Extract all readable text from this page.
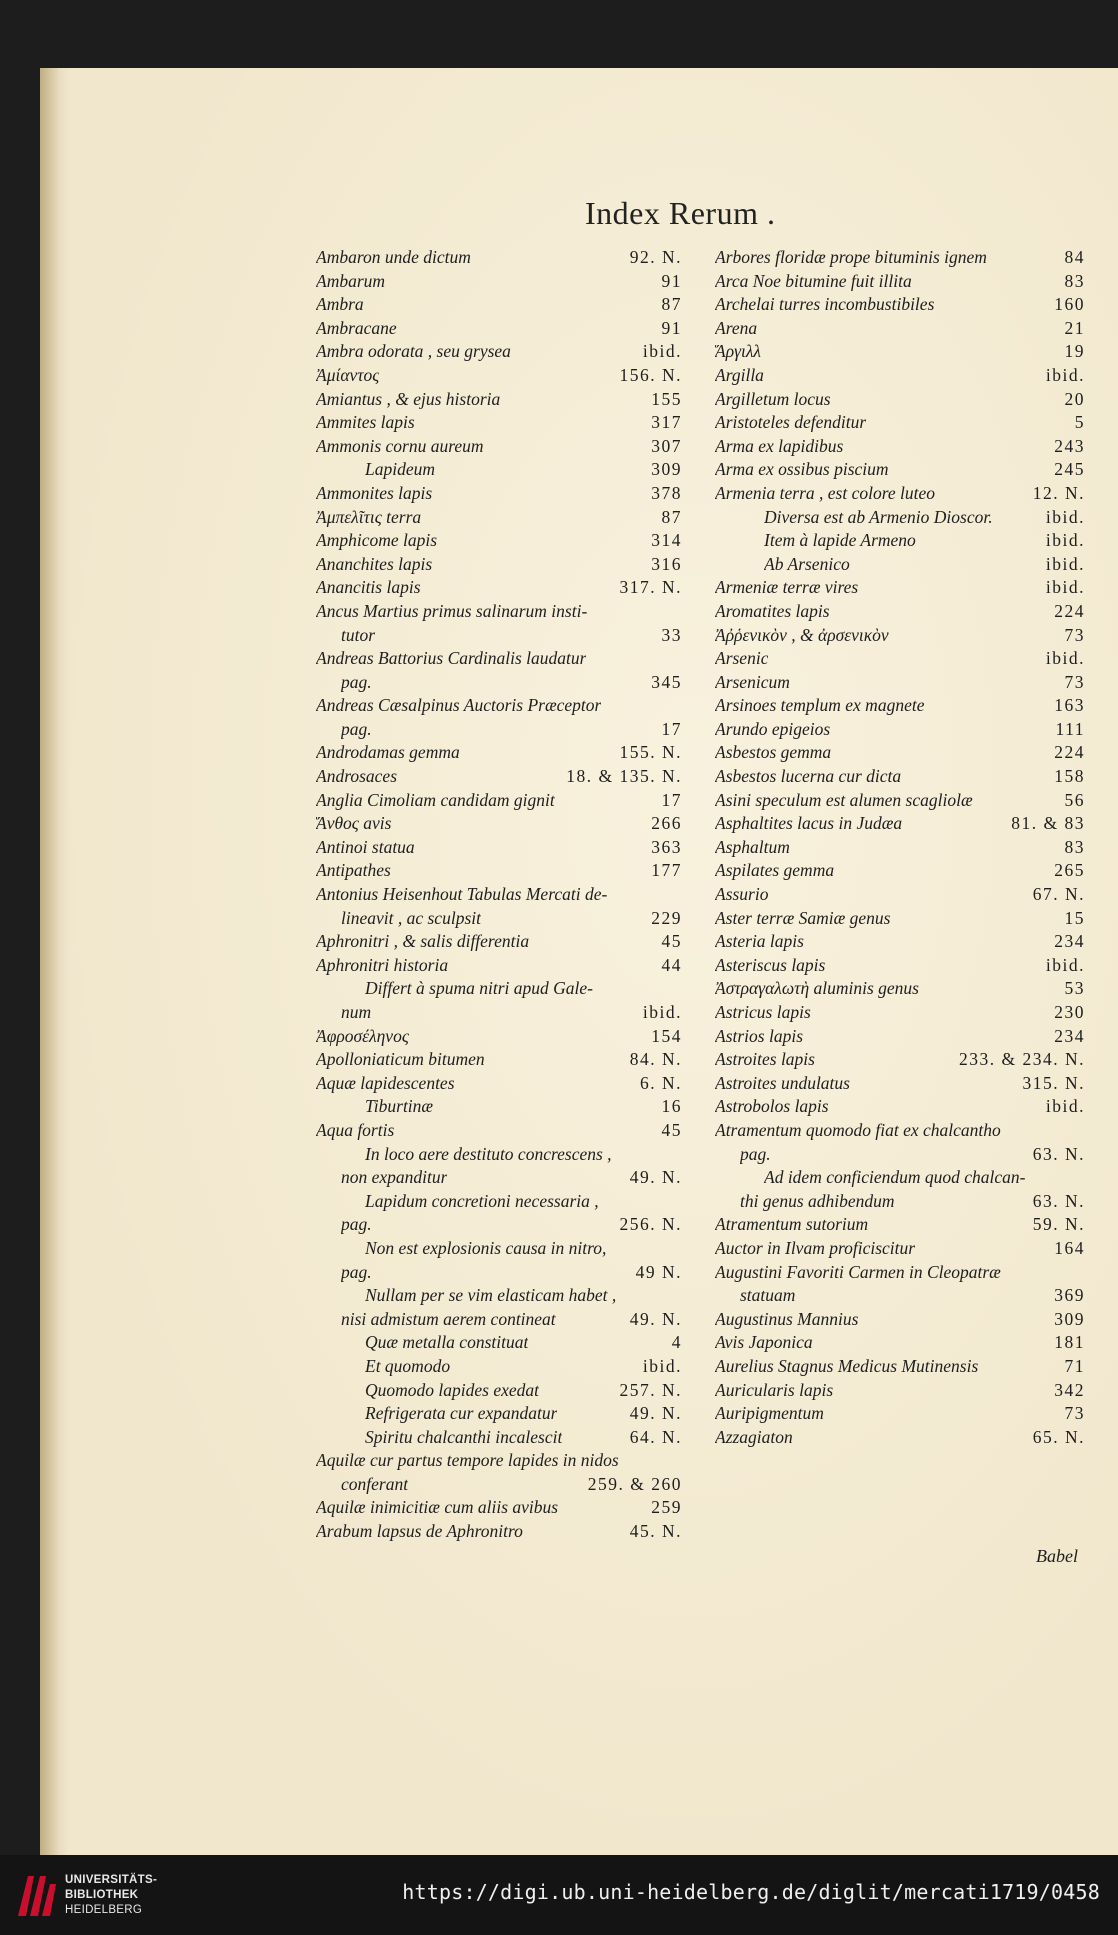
Index Rerum .
Ambaron unde dictum	92. N.
Ambarum	91
Ambra	87
Ambracane	91
Ambra odorata , seu grysea	ibid.
Ἀμίαντος	156. N.
Amiantus , & ejus historia	155
Ammites lapis	317
Ammonis cornu aureum	307
Lapideum	309
Ammonites lapis	378
Ἀμπελῖτις terra	87
Amphicome lapis	314
Ananchites lapis	316
Anancitis lapis	317. N.
Ancus Martius primus salinarum insti-
tutor	33
Andreas Battorius Cardinalis laudatur
pag.	345
Andreas Cæsalpinus Auctoris Præceptor
pag.	17
Androdamas gemma	155. N.
Androsaces	18. & 135. N.
Anglia Cimoliam candidam gignit	17
Ἄνθος avis	266
Antinoi statua	363
Antipathes	177
Antonius Heisenhout Tabulas Mercati de-
lineavit , ac sculpsit	229
Aphronitri , & salis differentia	45
Aphronitri historia	44
Differt à spuma nitri apud Gale-
num	ibid.
Ἀφροσέληνος	154
Apolloniaticum bitumen	84. N.
Aquæ lapidescentes	6. N.
Tiburtinæ	16
Aqua fortis	45
In loco aere destituto concrescens ,
non expanditur	49. N.
Lapidum concretioni necessaria ,
pag.	256. N.
Non est explosionis causa in nitro,
pag.	49 N.
Nullam per se vim elasticam habet ,
nisi admistum aerem contineat	49. N.
Quæ metalla constituat	4
Et quomodo	ibid.
Quomodo lapides exedat	257. N.
Refrigerata cur expandatur	49. N.
Spiritu chalcanthi incalescit	64. N.
Aquilæ cur partus tempore lapides in nidos
conferant	259. & 260
Aquilæ inimicitiæ cum aliis avibus	259
Arabum lapsus de Aphronitro	45. N.
Arbores floridæ prope bituminis ignem	84
Arca Noe bitumine fuit illita	83
Archelai turres incombustibiles	160
Arena	21
Ἄργιλλ	19
Argilla	ibid.
Argilletum locus	20
Aristoteles defenditur	5
Arma ex lapidibus	243
Arma ex ossibus piscium	245
Armenia terra , est colore luteo	12. N.
Diversa est ab Armenio Dioscor.	ibid.
Item à lapide Armeno	ibid.
Ab Arsenico	ibid.
Armeniæ terræ vires	ibid.
Aromatites lapis	224
Ἀῤῥενικὸν , & ἀρσενικὸν	73
Arsenic	ibid.
Arsenicum	73
Arsinoes templum ex magnete	163
Arundo epigeios	111
Asbestos gemma	224
Asbestos lucerna cur dicta	158
Asini speculum est alumen scagliolæ	56
Asphaltites lacus in Judæa	81. & 83
Asphaltum	83
Aspilates gemma	265
Assurio	67. N.
Aster terræ Samiæ genus	15
Asteria lapis	234
Asteriscus lapis	ibid.
Ἀστραγαλωτὴ aluminis genus	53
Astricus lapis	230
Astrios lapis	234
Astroites lapis	233. & 234. N.
Astroites undulatus	315. N.
Astrobolos lapis	ibid.
Atramentum quomodo fiat ex chalcantho
pag.	63. N.
Ad idem conficiendum quod chalcan-
thi genus adhibendum	63. N.
Atramentum sutorium	59. N.
Auctor in Ilvam proficiscitur	164
Augustini Favoriti Carmen in Cleopatræ
statuam	369
Augustinus Mannius	309
Avis Japonica	181
Aurelius Stagnus Medicus Mutinensis	71
Auricularis lapis	342
Auripigmentum	73
Azzagiaton	65. N.
Babel
UNIVERSITÄTS-
BIBLIOTHEK
HEIDELBERG
https://digi.ub.uni-heidelberg.de/diglit/mercati1719/0458
